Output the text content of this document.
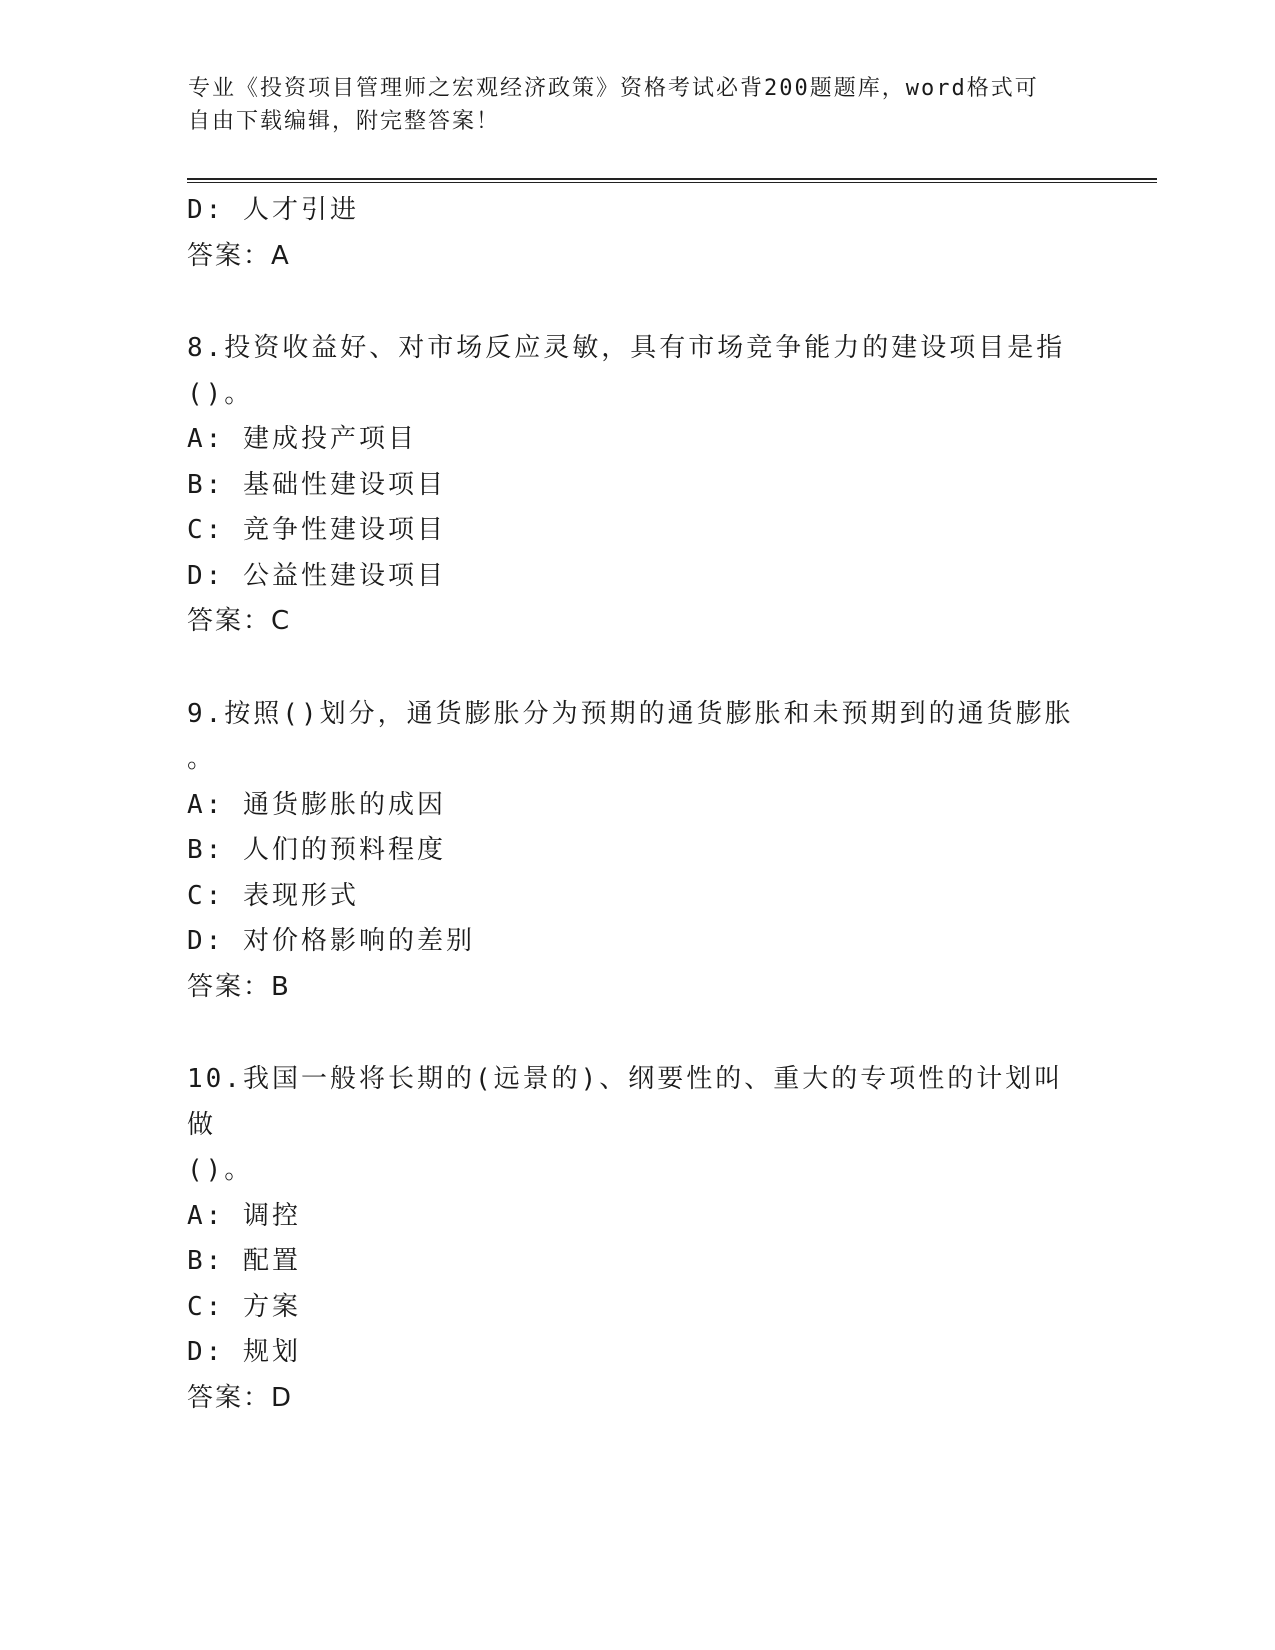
专业《投资项目管理师之宏观经济政策》资格考试必背200题题库，word格式可
自由下载编辑，附完整答案！
D: 人才引进
答案：A
8.投资收益好、对市场反应灵敏，具有市场竞争能力的建设项目是指
()。
A: 建成投产项目
B: 基础性建设项目
C: 竞争性建设项目
D: 公益性建设项目
答案：C
9.按照()划分，通货膨胀分为预期的通货膨胀和未预期到的通货膨胀
。
A: 通货膨胀的成因
B: 人们的预料程度
C: 表现形式
D: 对价格影响的差别
答案：B
10.我国一般将长期的(远景的)、纲要性的、重大的专项性的计划叫做
()。
A: 调控
B: 配置
C: 方案
D: 规划
答案：D
